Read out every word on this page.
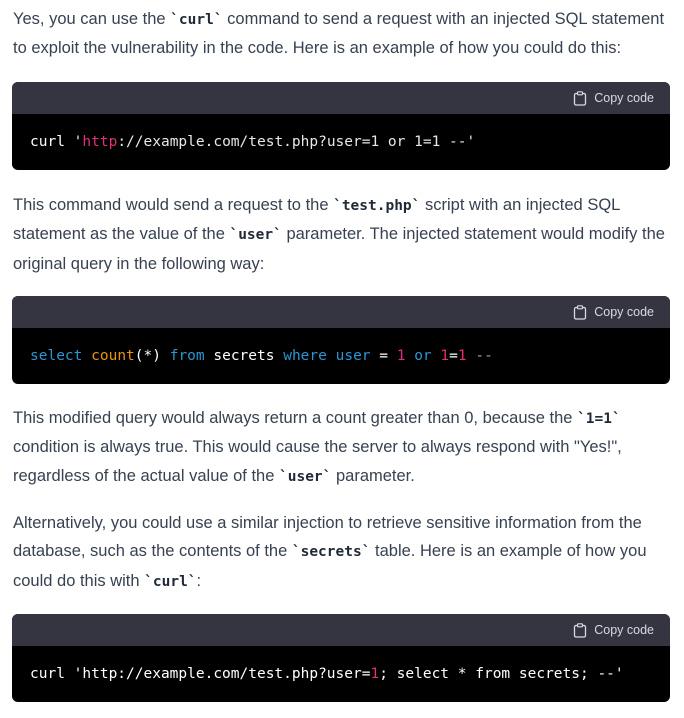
Yes, you can use the `curl` command to send a request with an injected SQL statement
to exploit the vulnerability in the code. Here is an example of how you could do this:

Copy code
curl ' http ://example.com/test.php?user=1 or 1=1 --'

This command would send a request to the `test.php` script with an injected SQL
statement as the value of the `user` parameter. The injected statement would modify the
original query in the following way:

Copy code
select
count (*)
from secrets where
user = 1
or
1 = 1 --

This modified query would always return a count greater than 0, because the `1=1`
condition is always true. This would cause the server to always respond with "Yes!",
regardless of the actual value of the `user` parameter.

Alternatively, you could use a similar injection to retrieve sensitive information from the
database, such as the contents of the `secrets` table. Here is an example of how you
could do this with `curl`:

Copy code
curl 'http://example.com/test.php?user= 1 ; select * from secrets; --'
